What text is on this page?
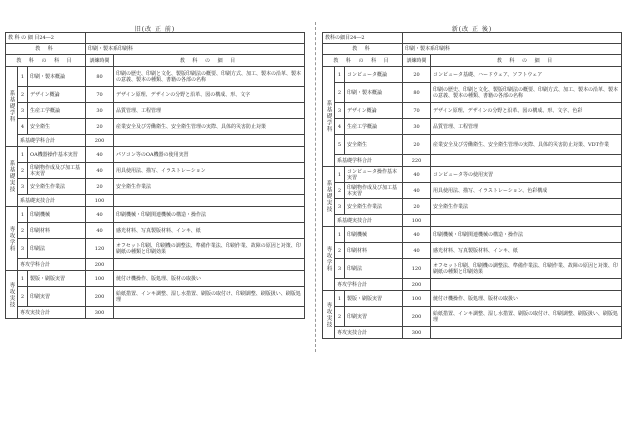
旧(改 正 前)
教 科 の 細 目24―2				
教 科			印刷・製本系印刷科	
教 科 の 科 目			訓練時間	教 科 の 細 目
系基礎学科	1	印刷・製本概論	80	印刷の歴史、印刷と文化、製版印刷法の概要、印刷方式、加工、製本の沿革、製本の意義、製本の種類、書籍の各部の名称
	2	デザイン概論	70	デザイン原理、デザインの分野と沿革、図の構成、形、文字
	3	生産工学概論	30	品質管理、工程管理
	4	安全衛生	20	産業安全及び労働衛生、安全衛生管理の実際、具体的災害防止対策
	系基礎学科合計		200	
系基礎実技	1	OA機器操作基本実習	40	パソコン等のOA機器の使用実習
	2	印刷物作成及び加工基本実習	40	用具使用法、描写、イラストレーション
	3	安全衛生作業法	20	安全衛生作業法
	系基礎実技合計		100	
専攻学科	1	印刷機械	40	印刷機械・印刷関連機械の構造・操作法
	2	印刷材料	40	感光材料、写真製版材料、インキ、紙
	3	印刷法	120	オフセット印刷、印刷機の調整法、準備作業法、印刷作業、故障の原因と対策、印刷紙の種類と印刷効果
	専攻学科合計		200	
専攻実技	1	製版・刷版実習	100	焼付け機操作、版処理、版材の取扱い
	2	印刷実習	200	給紙措置、インキ調整、湿し水措置、刷版の取付け、印刷調整、刷版扱い、刷版処理
	専攻実技合計		300	
新(改 正 後)
教科の細目24―2				
教 科			印刷・製本系印刷科	
教 科 の 科 目			訓練時間	教 科 の 細 目
系基礎学科	1	コンピュータ概論	20	コンピュータ基礎、ハードウェア、ソフトウェア
	2	印刷・製本概論	80	印刷の歴史、印刷と文化、製版印刷法の概要、印刷方式、加工、製本の沿革、製本の意義、製本の種類、書籍の各部の名称
	3	デザイン概論	70	デザイン原理、デザインの分野と沿革、図の構成、形、文字、色彩
	4	生産工学概論	30	品質管理、工程管理
	5	安全衛生	20	産業安全及び労働衛生、安全衛生管理の実際、具体的災害防止対策、VDT作業
	系基礎学科合計		220	
系基礎実技	1	コンピュータ操作基本実習	40	コンピュータ等の使用実習
	2	印刷物作成及び加工基本実習	40	用具使用法、描写、イラストレーション、色彩構成
	3	安全衛生作業法	20	安全衛生作業法
	系基礎実技合計		100	
専攻学科	1	印刷機械	40	印刷機械・印刷関連機械の構造・操作法
	2	印刷材料	40	感光材料、写真製版材料、インキ、紙
	3	印刷法	120	オフセット印刷、印刷機の調整法、準備作業法、印刷作業、故障の原因と対策、印刷紙の種類と印刷効果
	専攻学科合計		200	
専攻実技	1	製版・刷版実習	100	焼付け機操作、版処理、版材の取扱い
	2	印刷実習	200	給紙措置、インキ調整、湿し水措置、刷版の取付け、印刷調整、刷版扱い、刷版処理
	専攻実技合計		300	
